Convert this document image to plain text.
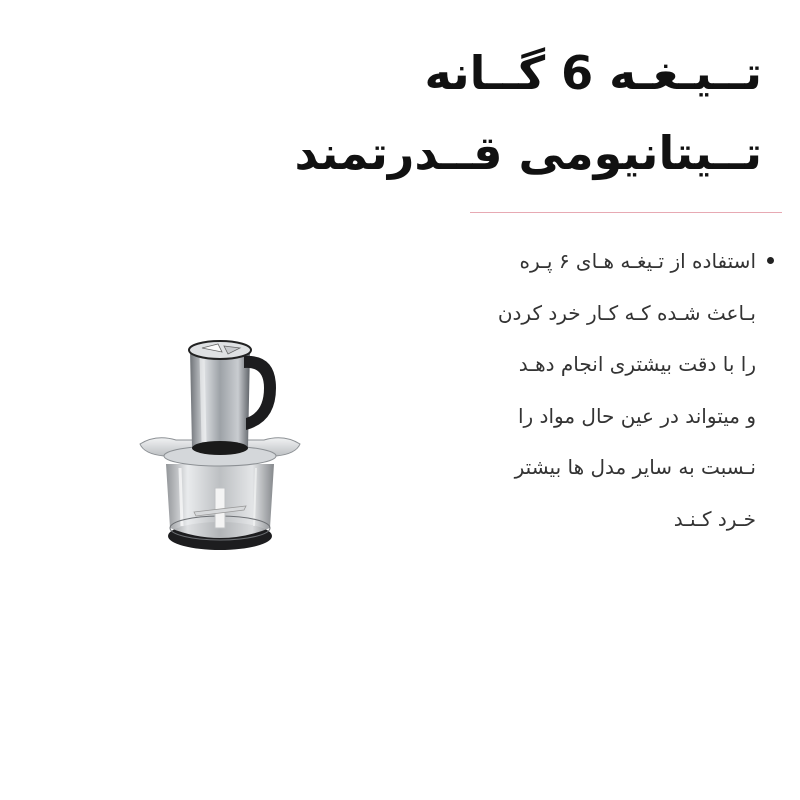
تــیـغـه 6 گــانه
تــیتانیومی قــدرتمند
استفاده از تـیغـه هـای ۶ پـره
بـاعث شـده کـه کـار خرد کردن
را با دقت بیشتری انجام دهـد
و میتواند در عین حال مواد را
نـسبت به سایر مدل ها بیشتر
خـرد کـنـد
